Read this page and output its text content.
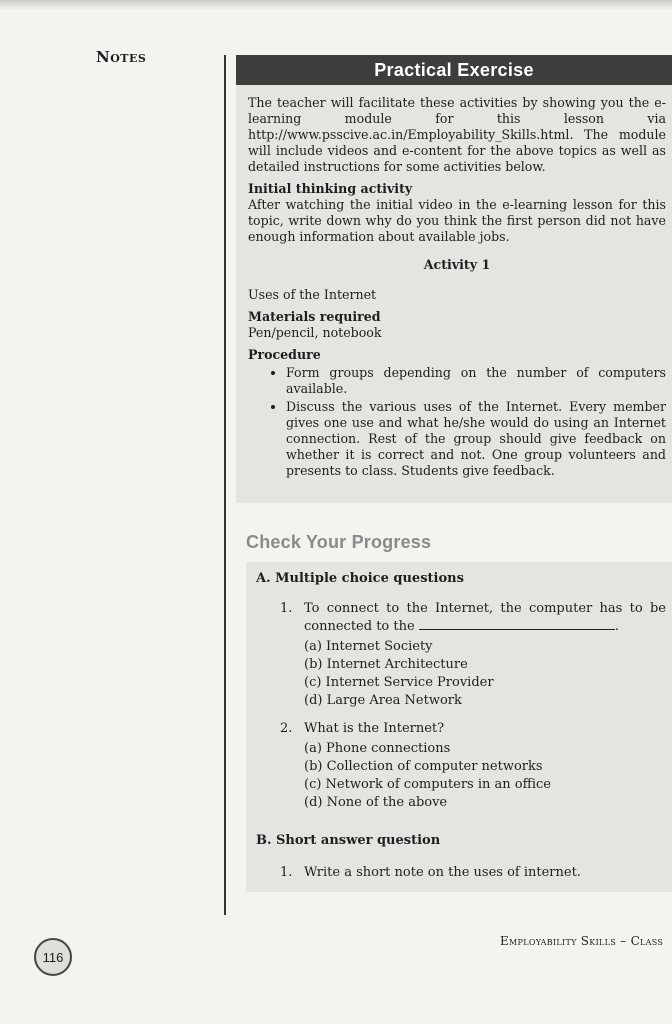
Notes
Practical Exercise

The teacher will facilitate these activities by showing you the e-learning module for this lesson via http://www.psscive.ac.in/Employability_Skills.html. The module will include videos and e-content for the above topics as well as detailed instructions for some activities below.

Initial thinking activity

After watching the initial video in the e-learning lesson for this topic, write down why do you think the first person did not have enough information about available jobs.

Activity 1

Uses of the Internet

Materials required

Pen/pencil, notebook

Procedure
• Form groups depending on the number of computers available.
• Discuss the various uses of the Internet. Every member gives one use and what he/she would do using an Internet connection. Rest of the group should give feedback on whether it is correct and not. One group volunteers and presents to class. Students give feedback.
Check Your Progress
A. Multiple choice questions
1. To connect to the Internet, the computer has to be connected to the	.
(a) Internet Society
(b) Internet Architecture
(c) Internet Service Provider
(d) Large Area Network
2. What is the Internet?
(a) Phone connections
(b) Collection of computer networks
(c) Network of computers in an office
(d) None of the above
B. Short answer question
1. Write a short note on the uses of internet.
116
Employability Skills – Class
